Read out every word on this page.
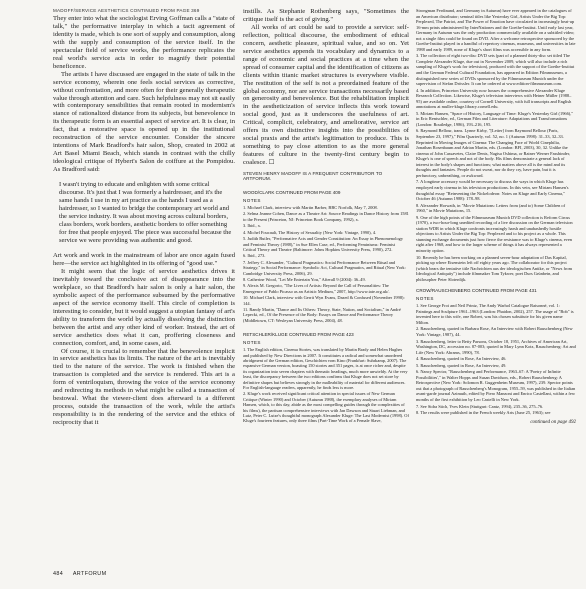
MADOFF/SERVICE AESTHETICS CONTINUED FROM PAGE 369

They enter into what the sociologist Erving Goffman calls a "state of talk," the performative interplay in which a tacit agreement of identity is made, which is one sort of supply and consumption, along with the supply and consumption of the service itself. In the spectacular field of service works, the performance replicates the real world's service acts in order to magnify their potential beneficence.

The artists I have discussed are engaged in the state of talk in the service economy, wherein one feels social services as corrective, without confrontation, and more often for their generally therapeutic value through attention and care. Such helpfulness may not sit easily with contemporary sensibilities that remain rooted in modernism's stance of rationalized distance from its subjects, but benevolence in its therapeutic form is an essential aspect of service art. It is clear, in fact, that a restorative space is opened up in the institutional reconstruction of the service encounter. Consider the sincere intentions of Mark Bradford's hair salon, Shop, created in 2002 at Art Basel Miami Beach, which stands in contrast with the chilly ideological critique of Hybert's Salon de coiffure at the Pompidou. As Bradford said:

I wasn't trying to educate and enlighten with some critical discourse. It's just that I was formerly a hairdresser, and it's the same hands I use in my art practice as the hands I used as a hairdresser, so I wanted to bridge the contemporary art world and the service industry. It was about moving across cultural borders, class borders, work borders, aesthetic borders to offer something for free that people enjoyed. The piece was successful because the service we were providing was authentic and good.

Art work and work in the mainstream of labor are once again fused here—the service act highlighted in its offering of "good use."

It might seem that the logic of service aesthetics drives it inevitably toward the conclusive act of disappearance into the workplace, so that Bradford's hair salon is only a hair salon, the symbolic aspect of the performance subsumed by the performative aspect of the service economy itself. This circle of completion is interesting to consider, but it would suggest a utopian fantasy of art's ability to transform the world by actually dissolving the distinction between the artist and any other kind of worker. Instead, the art of service aesthetics does what it can, proffering closeness and connection, comfort, and, in some cases, aid.

Of course, it is crucial to remember that the benevolence implicit in service aesthetics has its limits. The nature of the art is inevitably tied to the nature of the service. The work is finished when the transaction is completed and the service is rendered. This art is a form of ventriloquism, throwing the voice of the service economy and redirecting its methods in what might be called a transaction of bestowal. What the viewer-client does afterward is a different process, outside the transaction of the work, while the artist's responsibility is in the rendering of the service and the ethics of reciprocity that it

instills. As Stephanie Rothenberg says, "Sometimes the critique itself is the act of giving."

All works of art could be said to provide a service: self-reflection, political discourse, the embodiment of ethical concern, aesthetic pleasure, spiritual value, and so on. Yet service aesthetics appends its vocabulary and dynamics to a range of economic and social practices at a time when the spread of consumer capital and the identification of citizens as clients within titanic market structures is everywhere visible. The restitution of the self is not a preordained feature of the global economy, nor are service transactions necessarily based on generosity and benevolence. But the rehabilitation implicit in the aestheticization of service inflects this work toward social good, just as it underscores the usefulness of art. Critical, complicit, celebratory, and ameliorative, service art offers its own distinctive insights into the possibilities of social praxis and the artist's legitimation to produce. This is something to pay close attention to as the more general features of culture in the twenty-first century begin to coalesce. ☐

STEVEN HENRY MADOFF IS A FREQUENT CONTRIBUTOR TO ARTFORUM.
WOOD/CLARK CONTINUED FROM PAGE 409
NOTES

1. Michael Clark, interview with Martin Barber, BBC Norfolk, May 7, 2008.

2. Selma Jeanne Cohen, Dance as a Theatre Art: Source Readings in Dance History from 1581 to the Present (Princeton, NJ: Princeton Book Company, 1992), x.

3. Ibid., x.

4. Michel Foucault, The History of Sexuality (New York: Vintage, 1990), 4.

5. Judith Butler, "Performative Acts and Gender Constitution: An Essay in Phenomenology and Feminist Theory (1988)," in Sue Ellen Case, ed., Performing Feminisms: Feminist Critical Theory and Theatre (Baltimore: Johns Hopkins University Press, 1990), 272.

6. Ibid., 273.

7. Jeffrey C. Alexander, "Cultural Pragmatics: Social Performance Between Ritual and Strategy," in Social Performance: Symbolic Act, Cultural Pragmatics, and Ritual (New York: Cambridge University Press, 2006), 29.

8. Catherine Wood, "Let Me Entertain You," Afterall 9 (2004): 36–49.

9. Alexis M. Gregorio, "The Lives of Artists: Beyond the Call of Personalities: The Emergence of Pablo Picasso as an Artistic Medium," 2007, http://www.tate.org.uk/.

10. Michael Clark, interview with Gerrit Wyn Evans, Dazed & Confused (November 1998): 144.

11. Randy Martin, "Dance and Its Others: Theory, State, Nation, and Socialism," in André Lepecki, ed., Of the Presence of the Body: Essays on Dance and Performance Theory (Middletown, CT: Wesleyan University Press, 2004), 48.

RETSCHLER/KLUGE CONTINUED FROM PAGE 423
NOTES

1. The English edition, Cinema Stories, was translated by Martin Brady and Helen Hughes and published by New Directions in 2007. It constitutes a radical and somewhat unordered abridgment of the German edition, Geschichten vom Kino (Frankfurt: Suhrkamp, 2007). The expansive German version, boasting 150 stories and 351 pages, is at once richer and, despite its organization into seven chapters with thematic headings, much more unwieldy. At the very least, the discrepancy between the two editions confirms that Kluge does not set store by definitive shapes but believes strongly in the malleability of material for different audiences. For English-language readers, apparently, he finds less is more.

2. Kluge's work received significant critical attention in special issues of New German Critique (Winter 1990) and October (Autumn 1988), the exemplary analyses of Miriam Hansen, which, to this day, abide as the most compelling guides through the complexities of his films), the partisan comprehensive interviews with Jan Dawson and Stuart Liebman, and Lutz, Peter C. Lutze's thoughtful monograph Alexander Kluge: The Last Modernist (1998). Of Kluge's fourteen features, only three films (Part-Time Work of a Female Slave,

Strongman Ferdinand, and Germany in Autumn) have ever appeared in the catalogues of an American distributor; seminal titles like Yesterday Girl, Artists Under the Big Top: Perplexed, The Patriot, and The Power of Emotion have circulated in increasingly beat-up 16-mm prints administered by InterNationes and the Goethe-Institut. Until early last year, Germany in Autumn was the only production commercially available on a subtitled video; not a single film could be found on DVD. After a welcome retrospective sponsored by the Goethe-Institut played in a handful of repertory cinemas, museums, and universities in late 1988 and early 1989, none of Kluge's short films was accessible in any form.

3. The collection of eight two-disc DVD sets (part of a planned thirty-disc set titled The Complete Alexander Kluge, due out in November 2009, which will also include a rich sampling of Kluge's work for television), produced with the support of the Goethe-Institut and the German Federal Cultural Foundation, has appeared in Edition Filmmuseum, a distinguished new series of DVDs sponsored by the Filmmuseum Munich under the supervision of Stefan Drössler. It can be ordered at www.edition-filmmuseum.com.

4. In addition, Princeton University now houses the comprehensive Alexander Kluge Research Collection. Likewise, Kluge's television interviews with Heiner Müller (1988–95) are available online, courtesy of Cornell University, with full transcripts and English annotations at muller-kluge.library.cornell.edu.

5. Miriam Hansen, "Space of History, Language of Time: Kluge's Yesterday Girl (1966)," in Eric Rentschler, ed., German Film and Literature: Adaptations and Transformations (London: Routledge, 1986), 193–216, 195.

6. Raymond Bellour, trans. Lynne Kirby, "[Letter] from Raymond Bellour (Paris, September 23, 1997)," Film Quarterly, vol. 52, no. 1 (Autumn 1998): 31–33, 32–33. Reprinted in Moving Images of Cinema: The Changing Face of World Cinephilia, Jonathan Rosenbaum and Adrian Martin, eds. (London: BFI, 2003), 30, 32. Unlike the cinema of John Cassavetes, Claire Denis, Nagisa Oshima, or Rainer Werner Fassbinder, Kluge's is one of speech and not of the body. His films demonstrate a general lack of interest in the body's shapes and functions; what matters above all is the mind and its thoughts and fantasies. People do not sweat, nor do they cry, have pain, but it is perfunctory, unbreathing, or awkward.

7. A longtime accessory would be necessary to discuss the ways in which Kluge has employed early cinema in his television productions. In this vein, see Miriam Hansen's thoughtful essay "Reinventing the Nickelodeon: Notes on Kluge and Early Cinema," October 46 (Autumn 1988): 178–98.

8. Alexander Horwath, in "Movie Mutations: Letters from (and to) Some Children of 1960," in Movie Mutations, 15.

9. One of the high points of the Filmmuseum Munich DVD collection is Reform Circus (1970), a two-hour-long unedited recording of a live discussion on the German television station WDR in which Kluge confronts increasingly harsh and unabashedly hostile objections to Artists Under the Big Top: Perplexed and to his project as a whole. This stunning exchange documents just how fierce the resistance was to Kluge's cinema, even right after 1968, and how to the larger scheme of things it has always represented a minority option.

10. Recently he has been working on a planned seven-hour adaptation of Das Kapital, picking up where Eisenstein left off eighty years ago. The collaborator for this project (which bears the tentative title Nachrichten aus der ideologischen Antike, or "News from Ideological Antiquity") include filmmaker Tom Tykwer, poet Durs Grünbein, and philosopher Peter Sloterdijk.

CROW/RAUSCHENBERG CONTINUED FROM PAGE 431
NOTES

1. See George Froi and Neil Printz, The Andy Warhol Catalogue Raisonné, vol. 1: Paintings and Sculpture 1961–1963 (London: Phaidon, 2002), 257. The usage of "Bob" is invented here to this wife, one Robert, was his chosen substitute for his given name Milton.

2. Rauschenberg, quoted in Barbara Rose, An Interview with Robert Rauschenberg (New York: Vintage, 1987), 44.

3. Rauschenberg, letter to Betty Parsons, October 18, 1951, Archives of American Art, Washington, DC, accession no. 87-003; quoted in Mary Lynn Kotz, Rauschenberg: Art and Life (New York: Abrams, 1990), 78.

4. Rauschenberg, quoted in Rose, An Interview, 46.

5. Rauschenberg, quoted in Rose, An Interview, 49.

6. Nancy Spector, "Rauschenberg and Performance, 1963–67: A 'Poetry of Infinite Possibilities'," in Walter Hopps and Susan Davidson, eds., Robert Rauschenberg: A Retrospective (New York: Solomon R. Guggenheim Museum, 1997), 239. Spector points out that a photograph of Rauschenberg's Monogram, 1955–59, was published in the Italian avant-garde journal Azimuth, edited by Piero Manzoni and Enrico Castellani, within a few months of the first exhibition by Leo Castelli in New York.

7. See Sidra Stich, Yves Klein (Stuttgart: Cantz, 1994), 235–36, 275–76.

8. The results were published in the French weekly Arts (June 25, 1963); see

continued on page 492
484 ARTFORUM
